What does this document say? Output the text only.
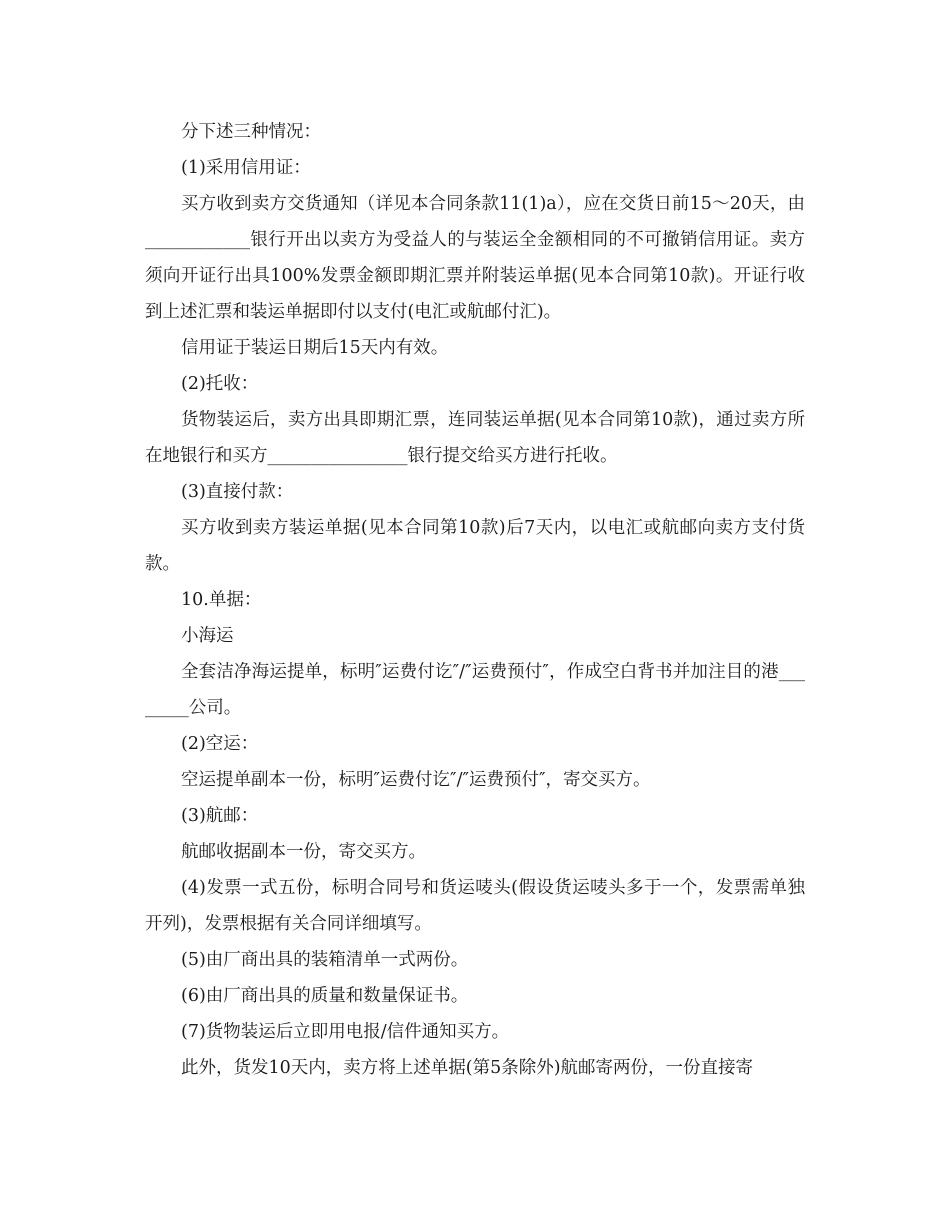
分下述三种情况：

(1)采用信用证：

买方收到卖方交货通知（详见本合同条款11(1)a），应在交货日前15～20天，由____________银行开出以卖方为受益人的与装运全金额相同的不可撤销信用证。卖方须向开证行出具100%发票金额即期汇票并附装运单据(见本合同第10款)。开证行收到上述汇票和装运单据即付以支付(电汇或航邮付汇)。

信用证于装运日期后15天内有效。

(2)托收：

货物装运后，卖方出具即期汇票，连同装运单据(见本合同第10款)，通过卖方所在地银行和买方________________银行提交给买方进行托收。

(3)直接付款：

买方收到卖方装运单据(见本合同第10款)后7天内，以电汇或航邮向卖方支付货款。

10.单据：

小海运

全套洁净海运提单，标明″运费付讫″/″运费预付″，作成空白背书并加注目的港________公司。

(2)空运：

空运提单副本一份，标明″运费付讫″/″运费预付″，寄交买方。

(3)航邮：

航邮收据副本一份，寄交买方。

(4)发票一式五份，标明合同号和货运唛头(假设货运唛头多于一个，发票需单独开列)，发票根据有关合同详细填写。

(5)由厂商出具的装箱清单一式两份。

(6)由厂商出具的质量和数量保证书。

(7)货物装运后立即用电报/信件通知买方。

此外，货发10天内，卖方将上述单据(第5条除外)航邮寄两份，一份直接寄
